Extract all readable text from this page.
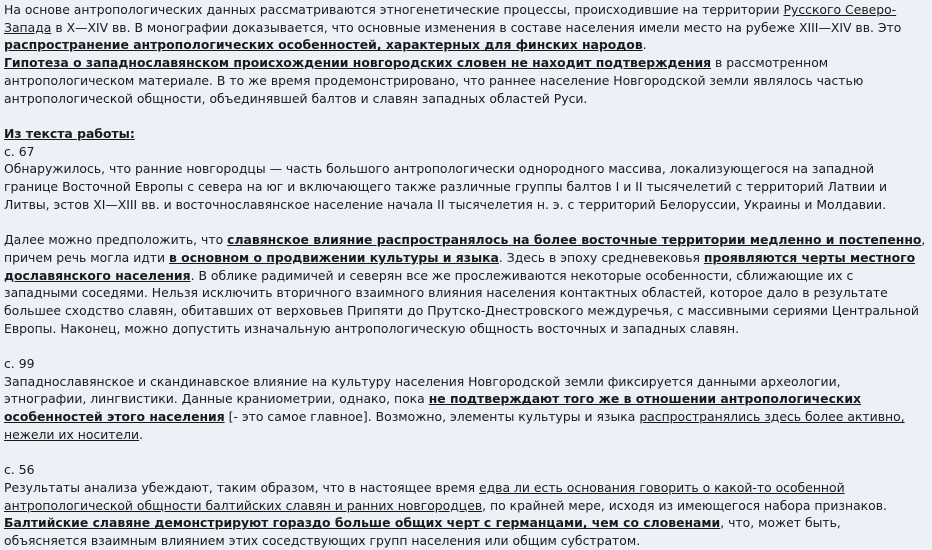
На основе антропологических данных рассматриваются этногенетические процессы, происходившие на территории Русского Северо-Запада в X—XIV вв. В монографии доказывается, что основные изменения в составе населения имели место на рубеже XIII—XIV вв. Это распространение антропологических особенностей, характерных для финских народов.

Гипотеза о западнославянском происхождении новгородских словен не находит подтверждения в рассмотренном антропологическом материале. В то же время продемонстрировано, что раннее население Новгородской земли являлось частью антропологической общности, объединявшей балтов и славян западных областей Руси.

Из текста работы:

с. 67

Обнаружилось, что ранние новгородцы — часть большого антропологически однородного массива, локализующегося на западной границе Восточной Европы с севера на юг и включающего также различные группы балтов I и II тысячелетий с территорий Латвии и Литвы, эстов XI—XIII вв. и восточнославянское население начала II тысячелетия н. э. с территорий Белоруссии, Украины и Молдавии.

Далее можно предположить, что славянское влияние распространялось на более восточные территории медленно и постепенно, причем речь могла идти в основном о продвижении культуры и языка. Здесь в эпоху средневековья проявляются черты местного дославянского населения. В облике радимичей и северян все же прослеживаются некоторые особенности, сближающие их с западными соседями. Нельзя исключить вторичного взаимного влияния населения контактных областей, которое дало в результате большее сходство славян, обитавших от верховьев Припяти до Прутско-Днестровского междуречья, с массивными сериями Центральной Европы. Наконец, можно допустить изначальную антропологическую общность восточных и западных славян.

с. 99

Западнославянское и скандинавское влияние на культуру населения Новгородской земли фиксируется данными археологии, этнографии, лингвистики. Данные краниометрии, однако, пока не подтверждают того же в отношении антропологических особенностей этого населения [- это самое главное]. Возможно, элементы культуры и языка распространялись здесь более активно, нежели их носители.

с. 56

Результаты анализа убеждают, таким образом, что в настоящее время едва ли есть основания говорить о какой-то особенной антропологической общности балтийских славян и ранних новгородцев, по крайней мере, исходя из имеющегося набора признаков.
Балтийские славяне демонстрируют гораздо больше общих черт с германцами, чем со словенами, что, может быть, объясняется взаимным влиянием этих соседствующих групп населения или общим субстратом.
